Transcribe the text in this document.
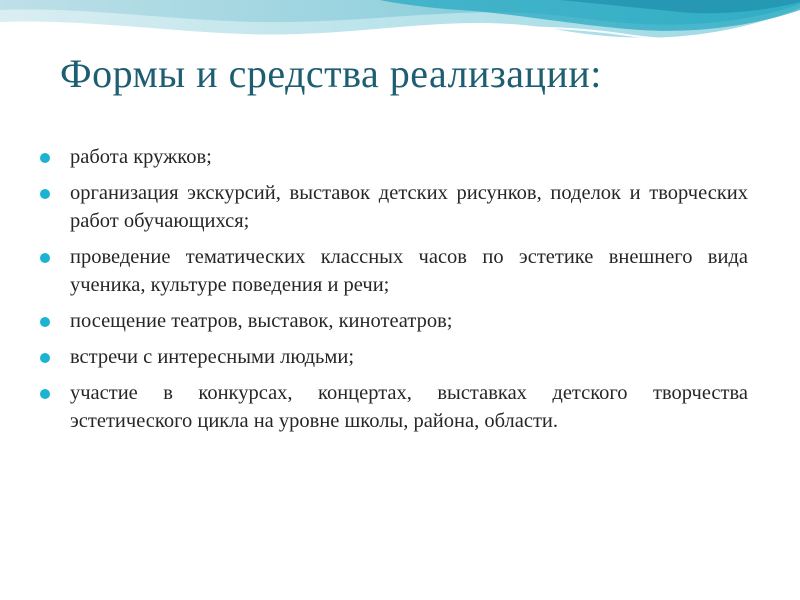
Формы и средства реализации:
работа кружков;
организация экскурсий, выставок детских рисунков, поделок и творческих работ обучающихся;
проведение тематических классных часов по эстетике внешнего вида ученика, культуре поведения и речи;
посещение театров, выставок, кинотеатров;
встречи с интересными людьми;
участие в конкурсах, концертах, выставках детского творчества эстетического цикла на уровне школы, района, области.
